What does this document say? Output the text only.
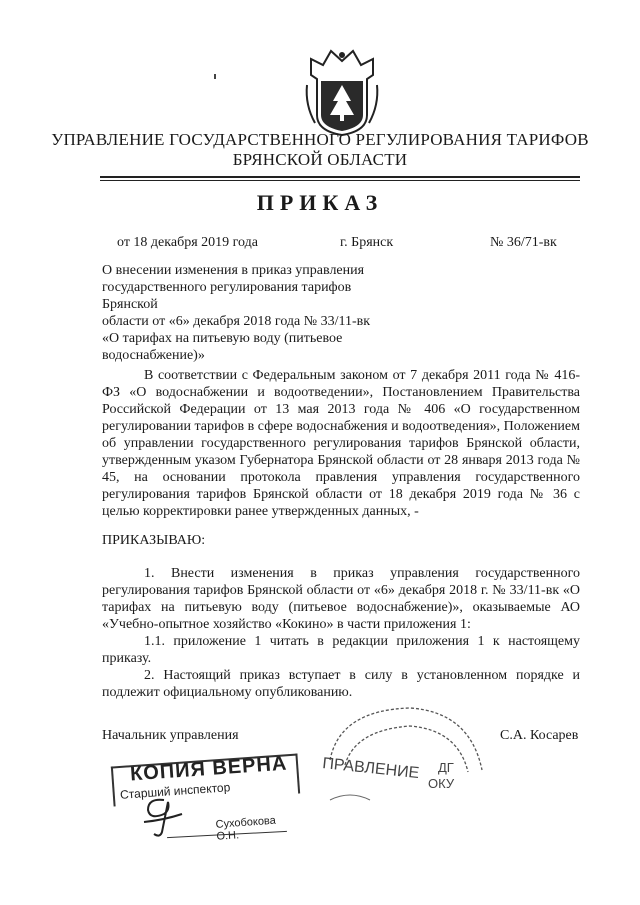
УПРАВЛЕНИЕ ГОСУДАРСТВЕННОГО РЕГУЛИРОВАНИЯ ТАРИФОВ
БРЯНСКОЙ ОБЛАСТИ
ПРИКАЗ
от 18 декабря 2019 года	г. Брянск	№ 36/71-вк
О внесении изменения в приказ управления
государственного регулирования тарифов Брянской
области от «6» декабря 2018 года № 33/11-вк
«О тарифах на питьевую воду (питьевое
водоснабжение)»

В соответствии с Федеральным законом от 7 декабря 2011 года № 416-ФЗ «О водоснабжении и водоотведении», Постановлением Правительства Российской Федерации от 13 мая 2013 года № 406 «О государственном регулировании тарифов в сфере водоснабжения и водоотведения», Положением об управлении государственного регулирования тарифов Брянской области, утвержденным указом Губернатора Брянской области от 28 января 2013 года № 45, на основании протокола правления управления государственного регулирования тарифов Брянской области от 18 декабря 2019 года № 36 с целью корректировки ранее утвержденных данных, -

ПРИКАЗЫВАЮ:

1. Внести изменения в приказ управления государственного регулирования тарифов Брянской области от «6» декабря 2018 г. № 33/11-вк «О тарифах на питьевую воду (питьевое водоснабжение)», оказываемые АО «Учебно-опытное хозяйство «Кокино» в части приложения 1:

1.1. приложение 1 читать в редакции приложения 1 к настоящему приказу.

2. Настоящий приказ вступает в силу в установленном порядке и подлежит официальному опубликованию.

Начальник управления	С.А. Косарев
ПРАВЛЕНИЕ ДГ
ОКУ
КОПИЯ ВЕРНА
Старший инспектор
Сухобокова О.Н.
